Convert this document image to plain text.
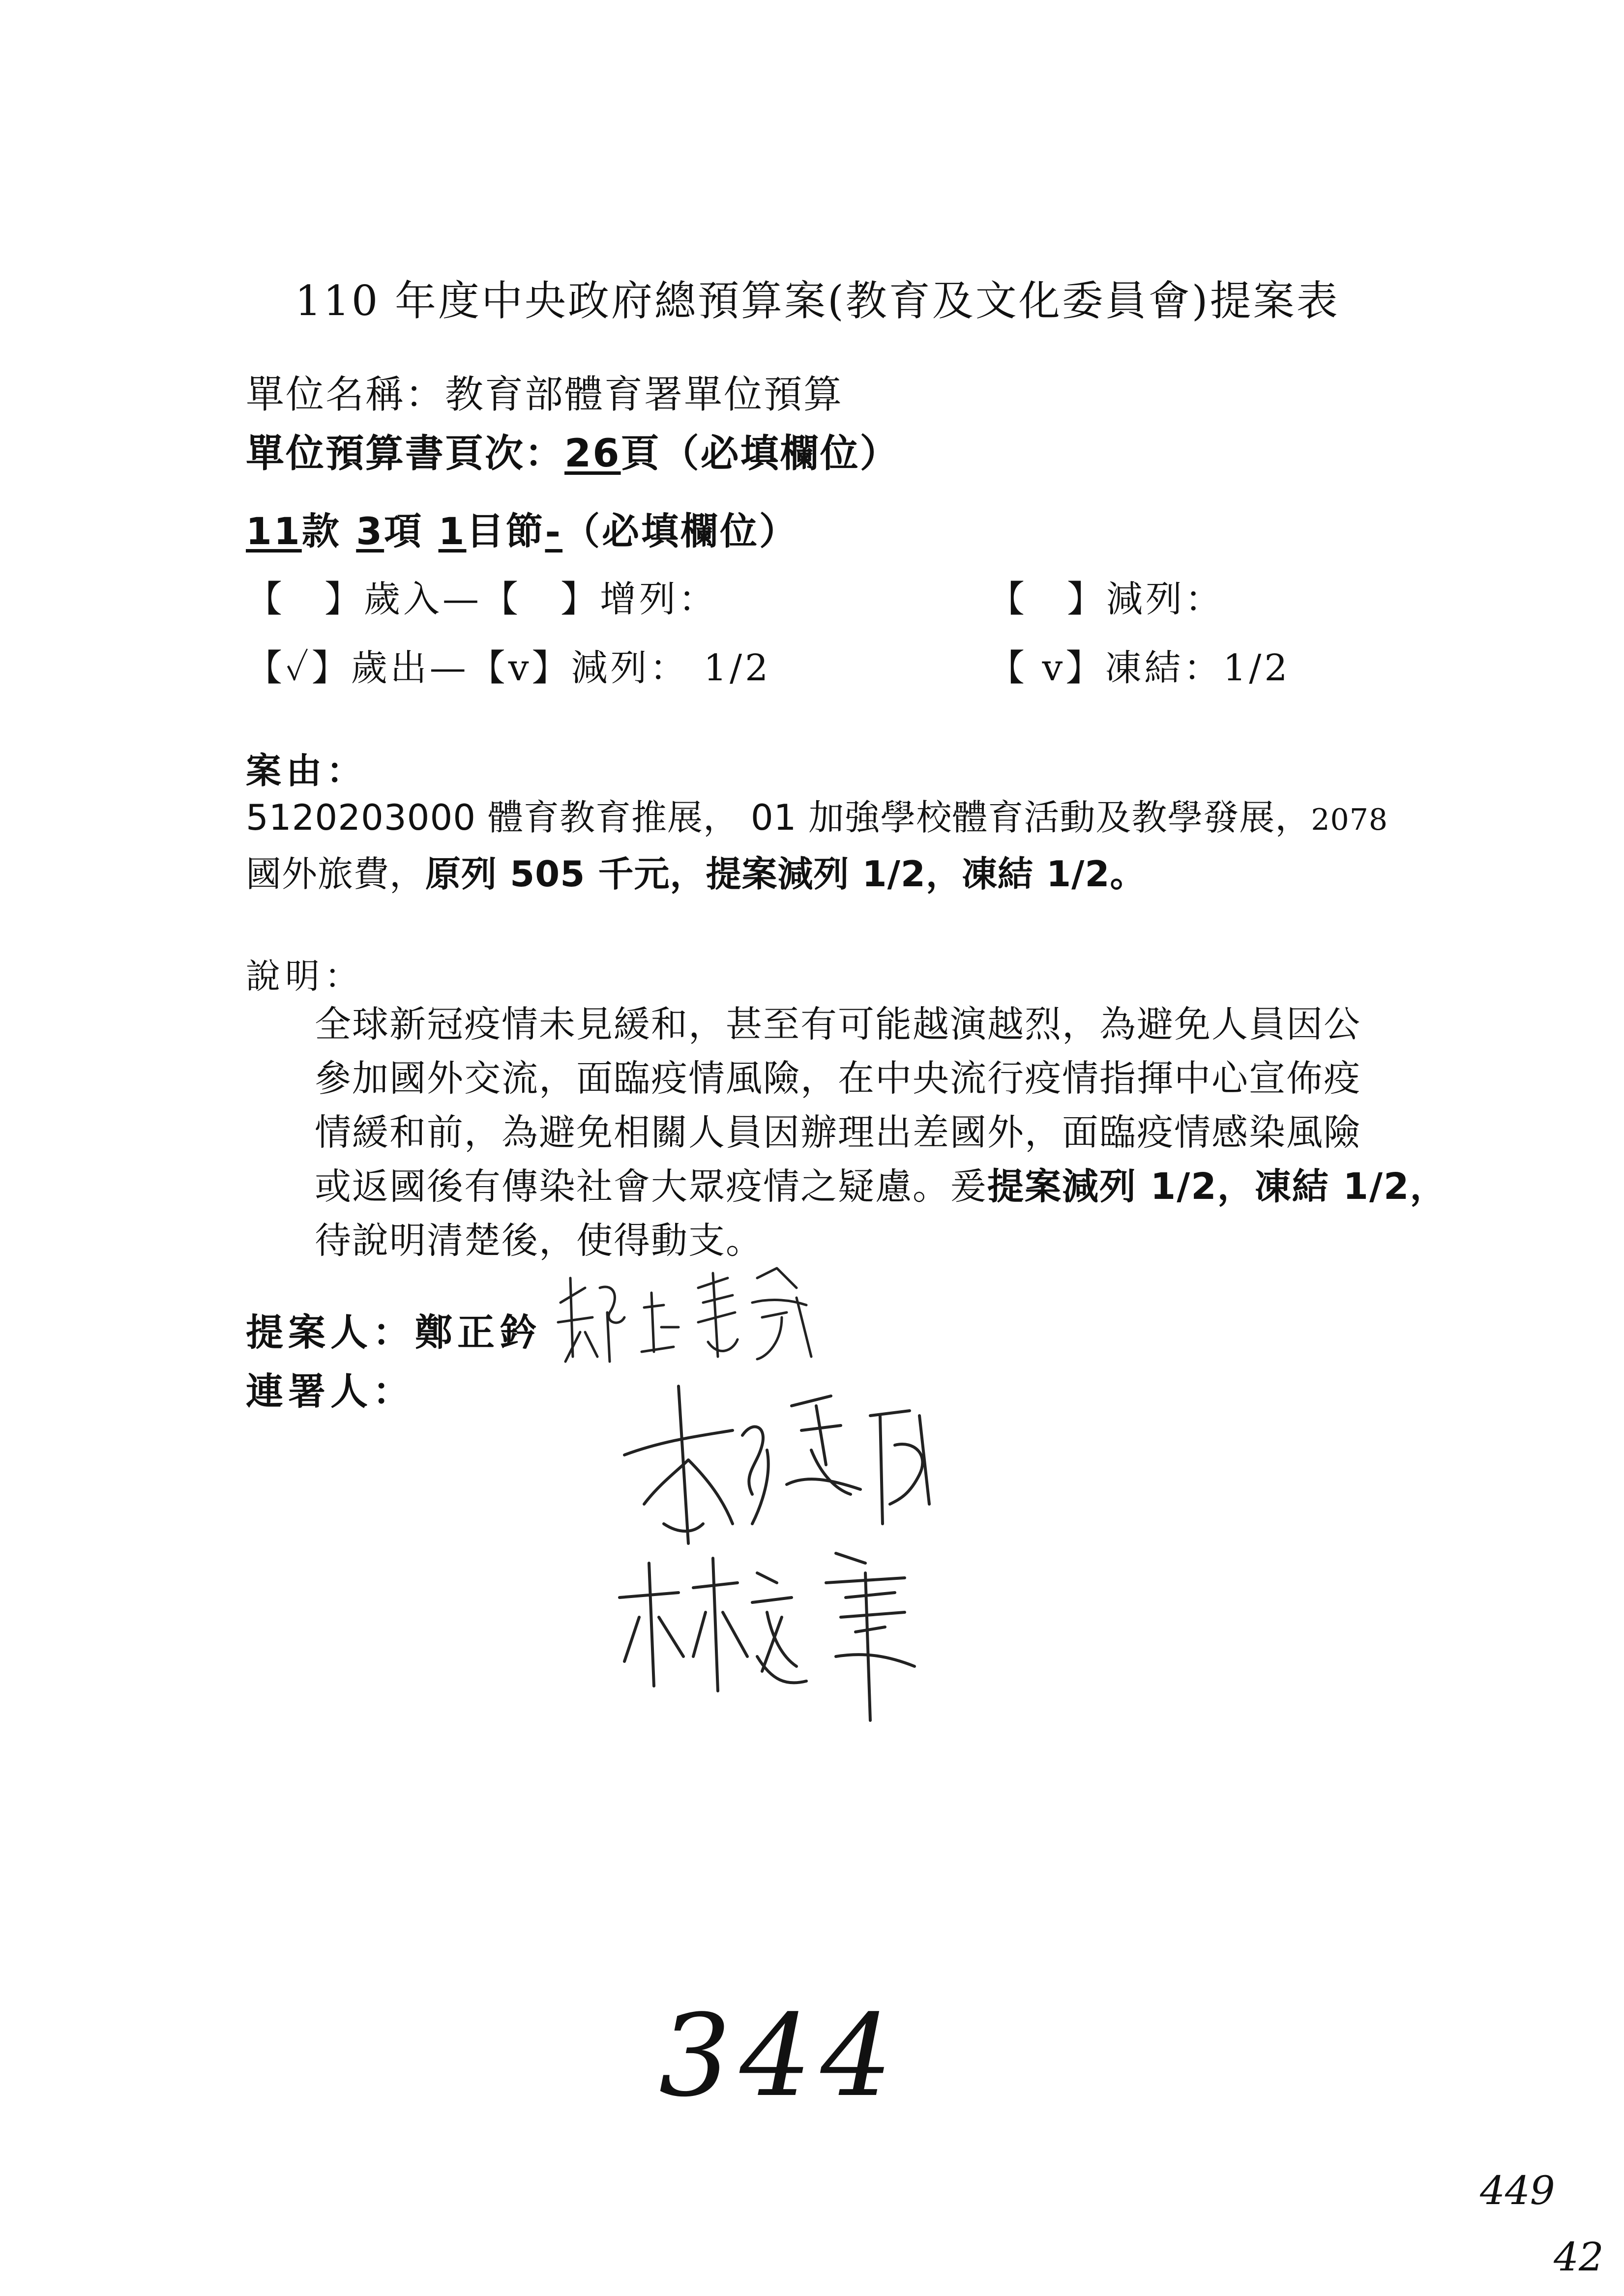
110 年度中央政府總預算案(教育及文化委員會)提案表
單位名稱：教育部體育署單位預算
單位預算書頁次：26頁（必填欄位）
11款 3項 1目節-（必填欄位）
【　】歲入—【　】增列：	【　】減列：
【✓】歲出—【v】減列： 1/2	【 v】凍結：1/2
案由：
5120203000 體育教育推展， 01 加強學校體育活動及教學發展，2078
國外旅費，原列 505 千元，提案減列 1/2，凍結 1/2。
說明：
全球新冠疫情未見緩和，甚至有可能越演越烈，為避免人員因公
參加國外交流，面臨疫情風險，在中央流行疫情指揮中心宣佈疫
情緩和前，為避免相關人員因辦理出差國外，面臨疫情感染風險
或返國後有傳染社會大眾疫情之疑慮。爰提案減列 1/2，凍結 1/2，
待說明清楚後，使得動支。
提案人：鄭正鈐
連署人：
344
449
42
